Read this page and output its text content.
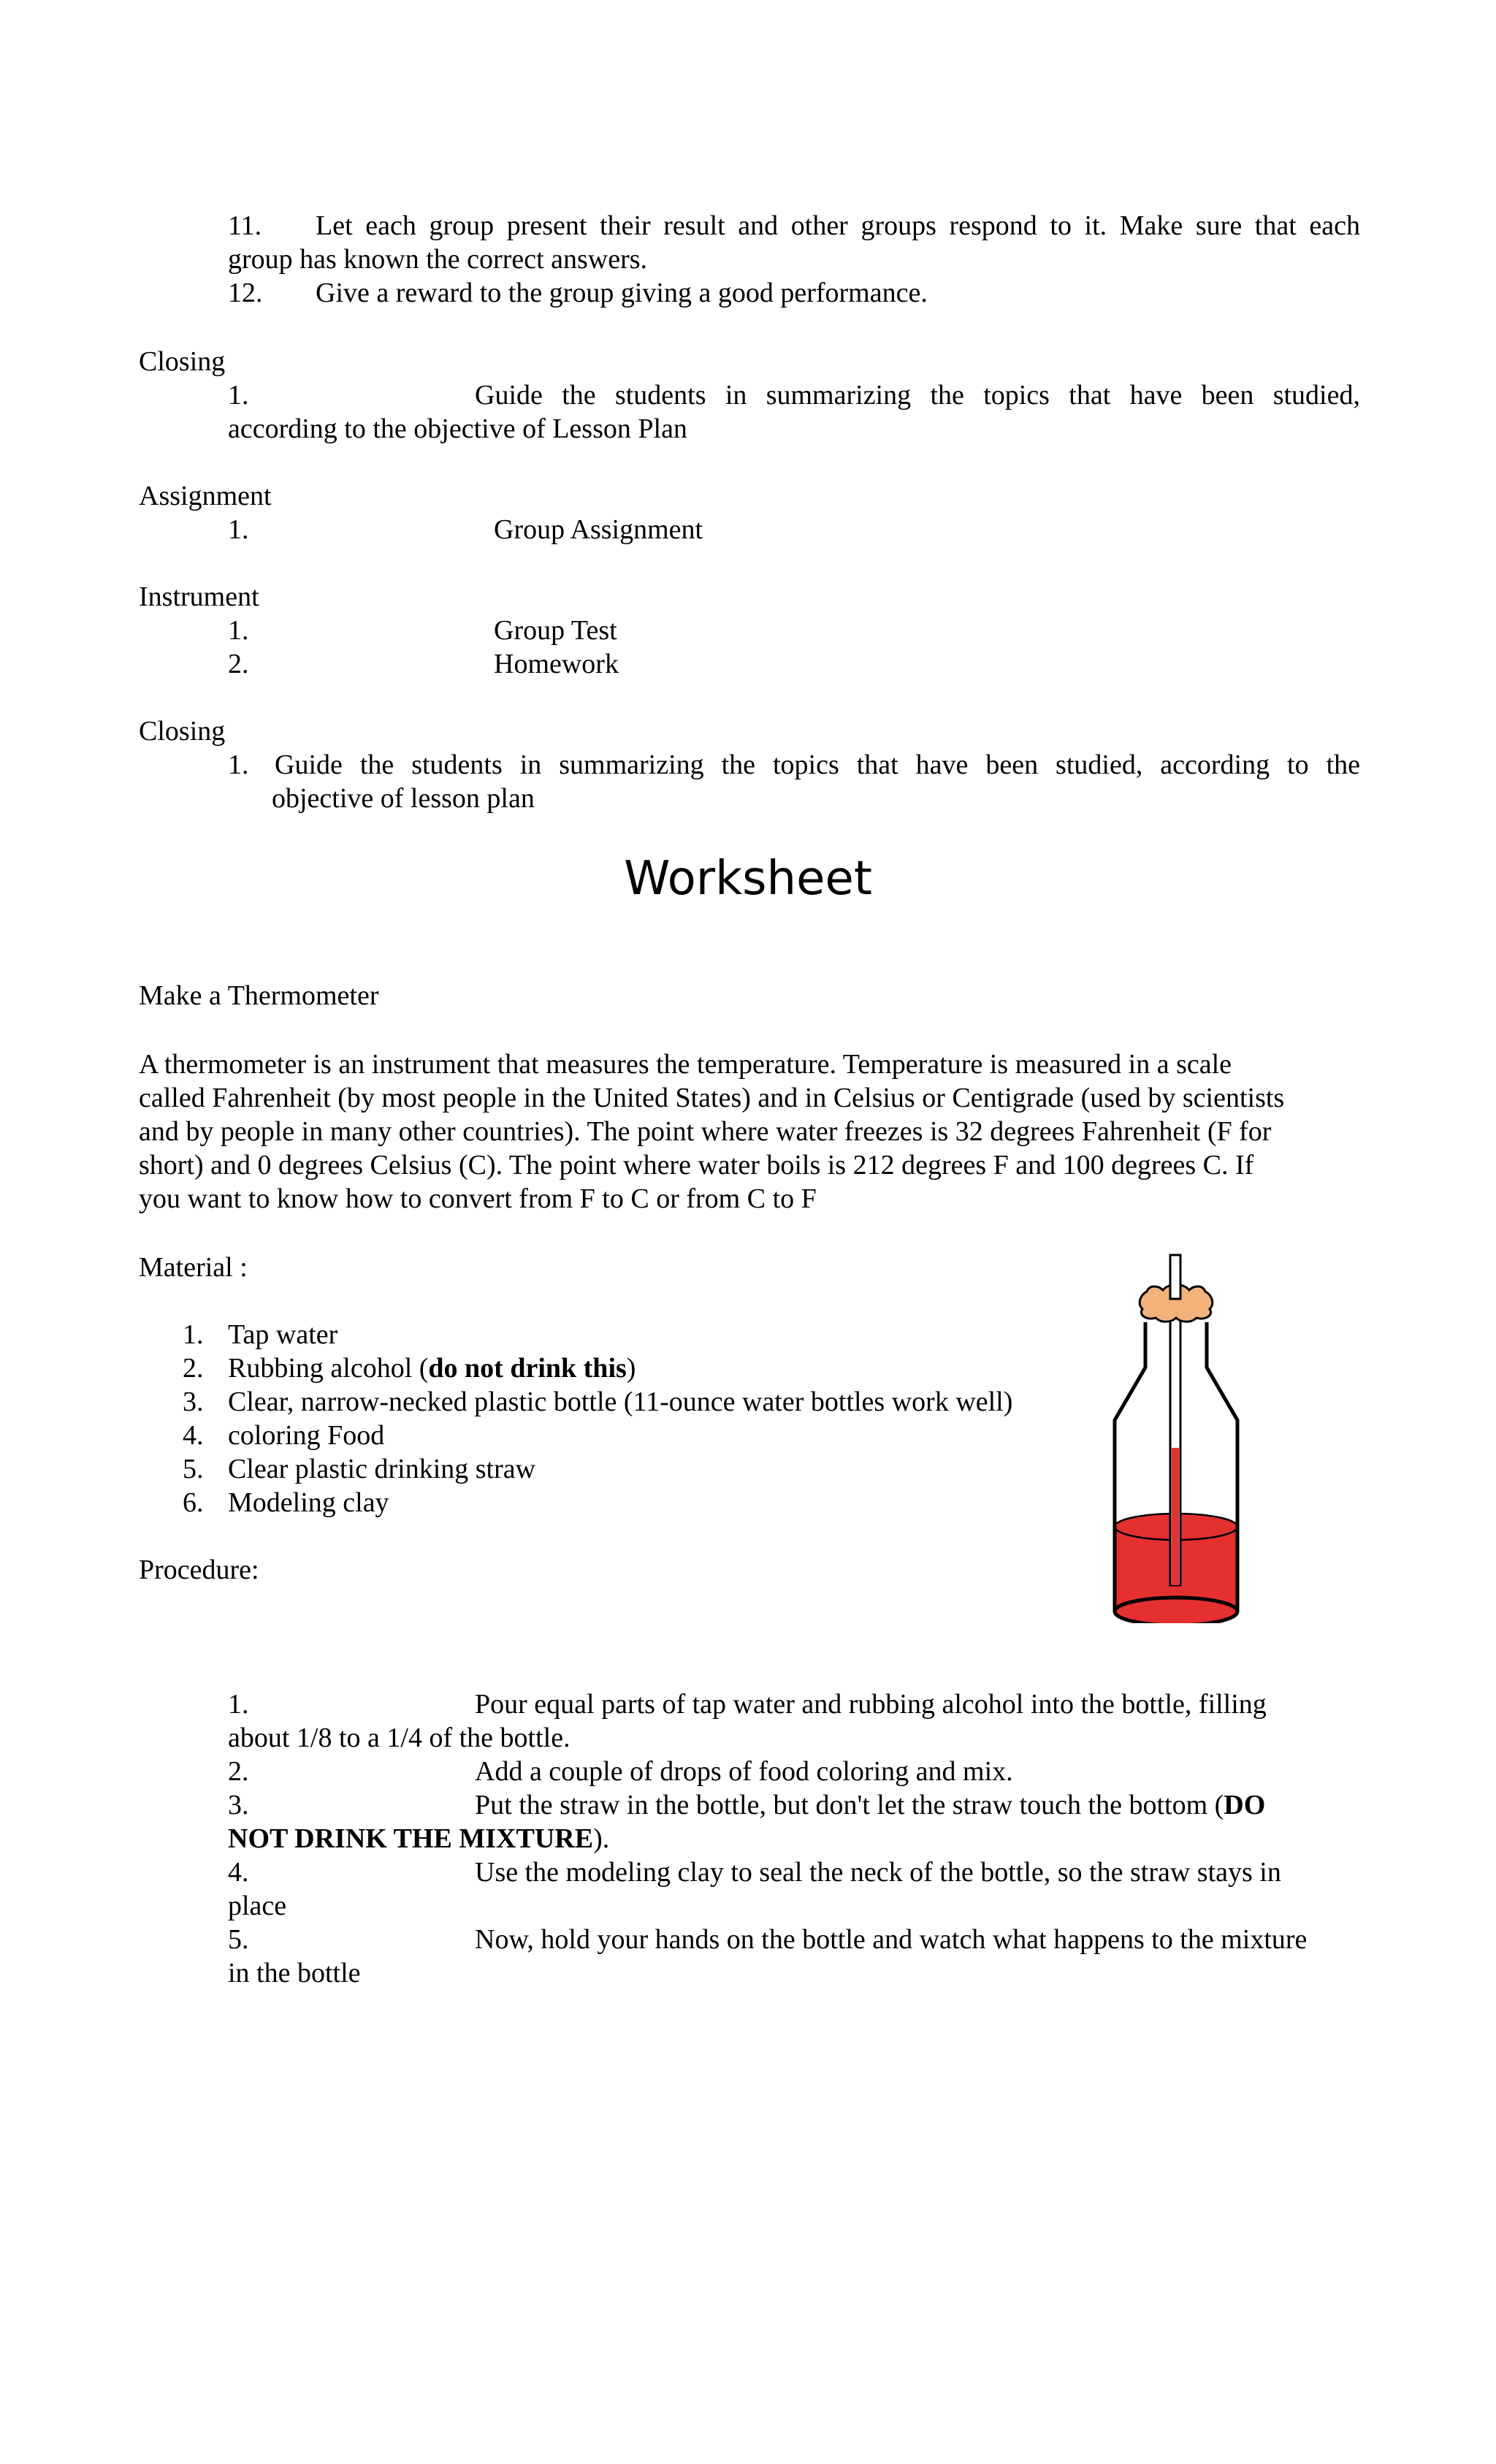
11. Let each group present their result and other groups respond to it. Make sure that each
group has known the correct answers.
12. Give a reward to the group giving a good performance.
Closing
1.	Guide the students in summarizing the topics that have been studied,
according to the objective of Lesson Plan
Assignment
1.	Group Assignment
Instrument
1.	Group Test
2.	Homework
Closing
1. Guide the students in summarizing the topics that have been studied, according to the
objective of lesson plan
Worksheet
Make a Thermometer
A thermometer is an instrument that measures the temperature. Temperature is measured in a scale
called Fahrenheit (by most people in the United States) and in Celsius or Centigrade (used by scientists
and by people in many other countries). The point where water freezes is 32 degrees Fahrenheit (F for
short) and 0 degrees Celsius (C). The point where water boils is 212 degrees F and 100 degrees C. If
you want to know how to convert from F to C or from C to F
Material :
1. Tap water
2. Rubbing alcohol (do not drink this)
3. Clear, narrow-necked plastic bottle (11-ounce water bottles work well)
4. coloring Food
5. Clear plastic drinking straw
6. Modeling clay
Procedure:
1.	Pour equal parts of tap water and rubbing alcohol into the bottle, filling
about 1/8 to a 1/4 of the bottle.
2.	Add a couple of drops of food coloring and mix.
3.	Put the straw in the bottle, but don't let the straw touch the bottom (DO
NOT DRINK THE MIXTURE).
4.	Use the modeling clay to seal the neck of the bottle, so the straw stays in
place
5.	Now, hold your hands on the bottle and watch what happens to the mixture
in the bottle
